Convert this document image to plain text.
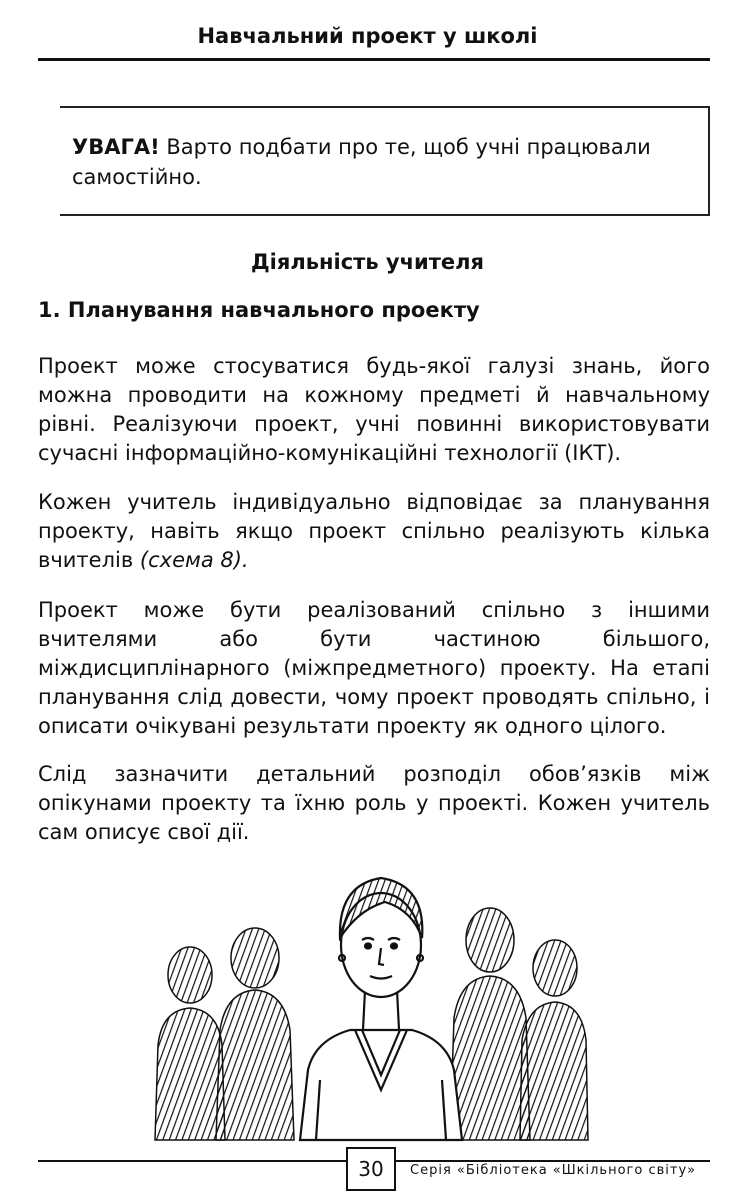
Навчальний проект у школі
УВАГА! Варто подбати про те, щоб учні працювали самостійно.
Діяльність учителя
1. Планування навчального проекту

Проект може стосуватися будь-якої галузі знань, його можна проводити на кожному предметі й навчальному рівні. Реалізуючи проект, учні повинні використовувати сучасні інформаційно-комунікаційні технології (ІКТ).

Кожен учитель індивідуально відповідає за планування проекту, навіть якщо проект спільно реалізують кілька вчителів (схема 8).

Проект може бути реалізований спільно з іншими вчителями або бути частиною більшого, міждисциплінарного (міжпредметного) проекту. На етапі планування слід довести, чому проект проводять спільно, і описати очікувані результати проекту як одного цілого.

Слід зазначити детальний розподіл обов’язків між опікунами проекту та їхню роль у проекті. Кожен учитель сам описує свої дії.

30	Серія «Бібліотека «Шкільного світу»
